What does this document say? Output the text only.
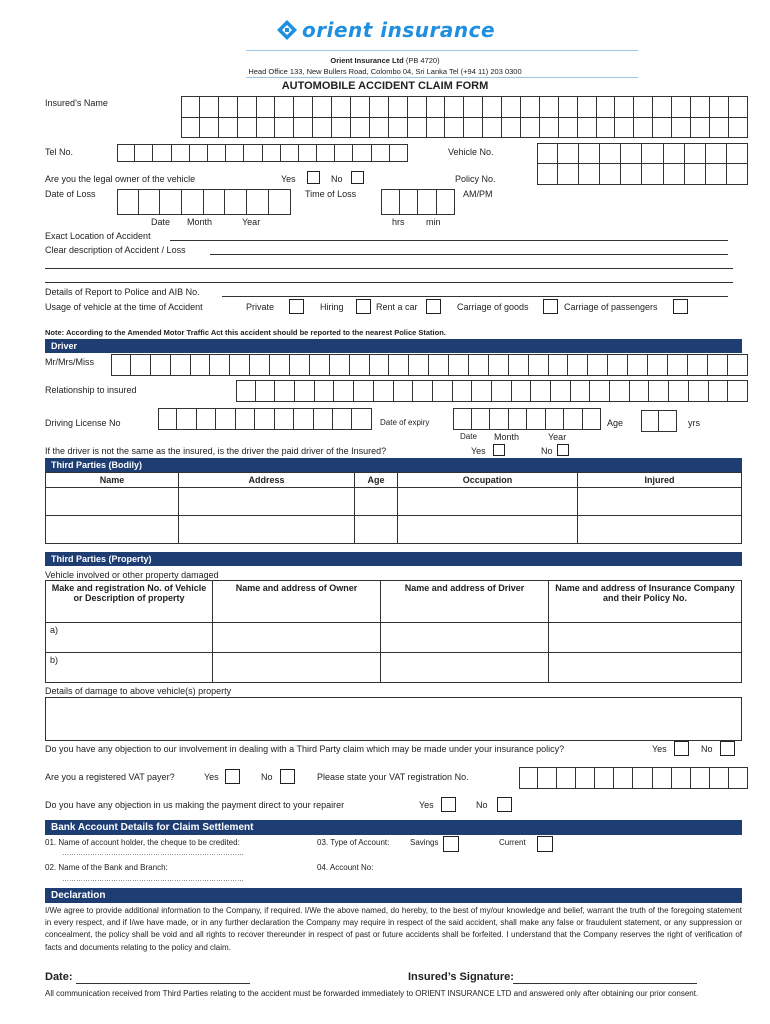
orient insurance
Orient Insurance Ltd (PB 4720)
Head Office 133, New Bullers Road, Colombo 04, Sri Lanka Tel (+94 11) 203 0300
AUTOMOBILE ACCIDENT CLAIM FORM
Insured’s Name
Tel No.	Vehicle No.
Are you the legal owner of the vehicle	Yes	No	Policy No.
Date of Loss	Time of Loss	AM/PM
Date Month	Year	hrs min
Exact Location of Accident
Clear description of Accident / Loss
Details of Report to Police and AIB No.
Usage of vehicle at the time of Accident	Private	Hiring	Rent a car	Carriage of goods	Carriage of passengers
Note: According to the Amended Motor Traffic Act this accident should be reported to the nearest Police Station.
Driver
Mr/Mrs/Miss
Relationship to insured
Driving License No	Date of expiry	Age	yrs
Date Month	Year
If the driver is not the same as the insured, is the driver the paid driver of the Insured?	Yes	No
Third Parties (Bodily)
Name	Address	Age	Occupation	Injured

Third Parties (Property)
Vehicle involved or other property damaged
Make and registration No. of Vehicle or Description of property	Name and address of Owner	Name and address of Driver	Name and address of Insurance Company and their Policy No.
a)			
b)			
Details of damage to above vehicle(s) property
Do you have any objection to our involvement in dealing with a Third Party claim which may be made under your insurance policy?	Yes	No
Are you a registered VAT payer?	Yes	No	Please state your VAT registration No.
Do you have any objection in us making the payment direct to your repairer	Yes	No
Bank Account Details for Claim Settlement
01. Name of account holder, the cheque to be credited:
……………………………………………………………………
03. Type of Account:	Savings	Current
02. Name of the Bank and Branch:
……………………………………………………………………
04. Account No:
Declaration
I/We agree to provide additional information to the Company, if required. I/We the above named, do hereby, to the best of my/our knowledge and belief, warrant the truth of the foregoing statement in every respect, and if I/we have made, or in any further declaration the Company may require in respect of the said accident, shall make any false or fraudulent statement, or any suppression or concealment, the policy shall be void and all rights to recover thereunder in respect of past or future accidents shall be forfeited. I understand that the Company reserves the right of verification of facts and documents relating to the policy and claim.
Date:	Insured’s Signature:
All communication received from Third Parties relating to the accident must be forwarded immediately to ORIENT INSURANCE LTD and answered only after obtaining our prior consent.
